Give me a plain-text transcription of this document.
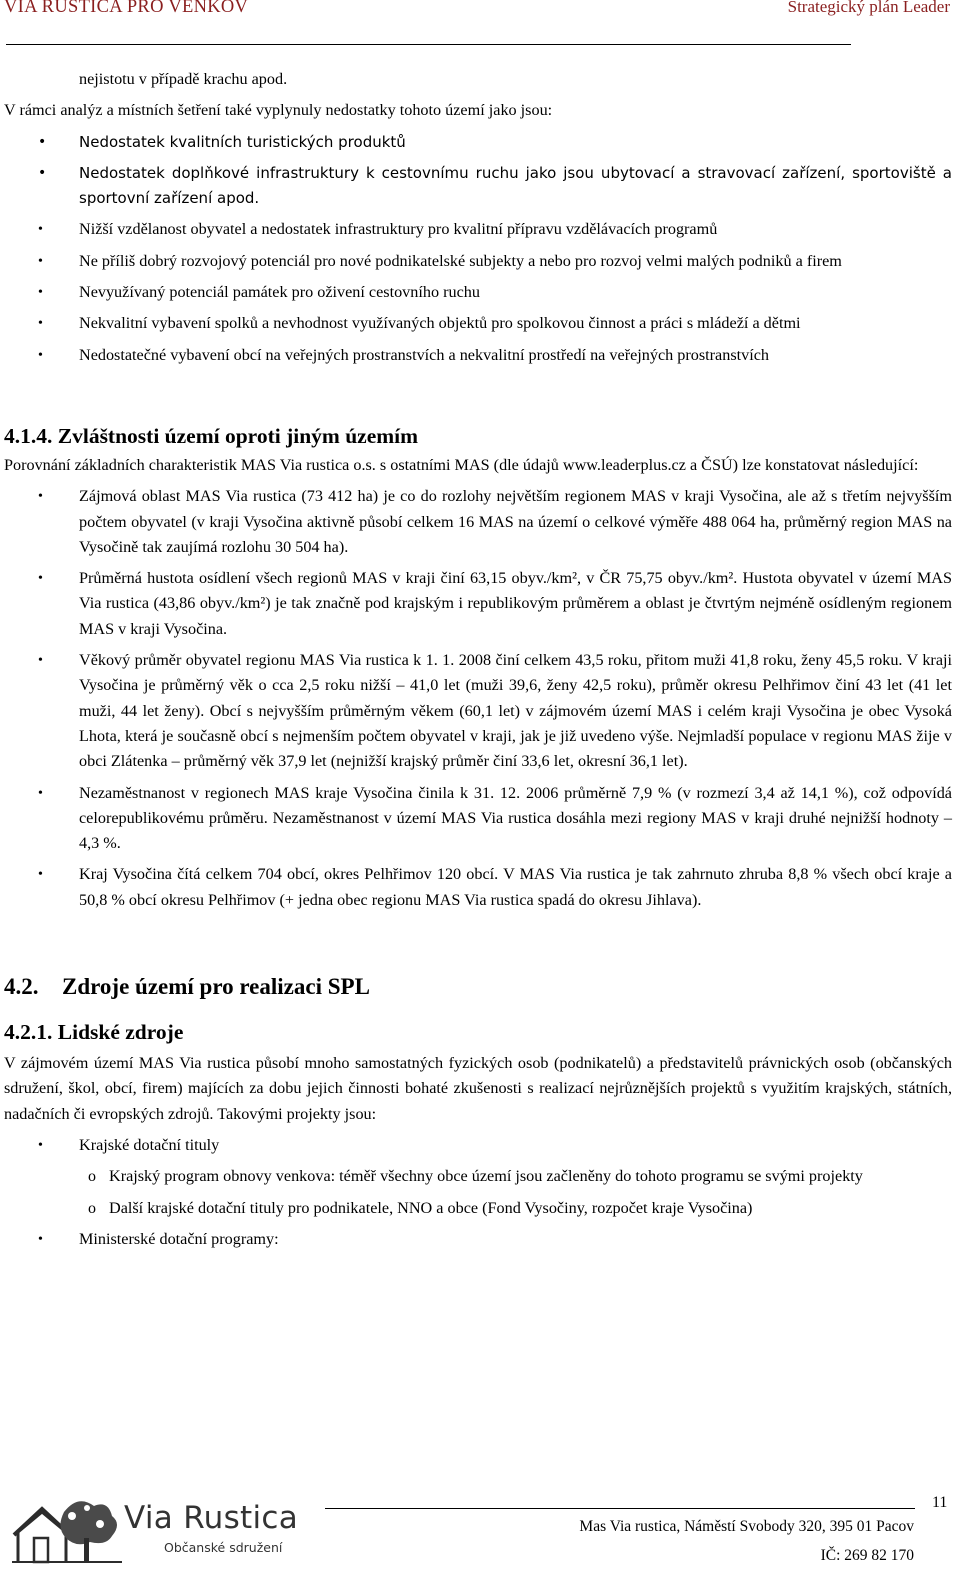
VIA RUSTICA PRO VENKOV	Strategický plán Leader
nejistotu v případě krachu apod.

V rámci analýz a místních šetření také vyplynuly nedostatky tohoto území jako jsou:

• Nedostatek kvalitních turistických produktů
• Nedostatek doplňkové infrastruktury k cestovnímu ruchu jako jsou ubytovací a stravovací zařízení, sportoviště a sportovní zařízení apod.
• Nižší vzdělanost obyvatel a nedostatek infrastruktury pro kvalitní přípravu vzdělávacích programů
• Ne příliš dobrý rozvojový potenciál pro nové podnikatelské subjekty a nebo pro rozvoj velmi malých podniků a firem
• Nevyužívaný potenciál památek pro oživení cestovního ruchu
• Nekvalitní vybavení spolků a nevhodnost využívaných objektů pro spolkovou činnost a práci s mládeží a dětmi
• Nedostatečné vybavení obcí na veřejných prostranstvích a nekvalitní prostředí na veřejných prostranstvích
4.1.4. Zvláštnosti území oproti jiným územím

Porovnání základních charakteristik MAS Via rustica o.s. s ostatními MAS (dle údajů www.leaderplus.cz a ČSÚ) lze konstatovat následující:

• Zájmová oblast MAS Via rustica (73 412 ha) je co do rozlohy největším regionem MAS v kraji Vysočina, ale až s třetím nejvyšším počtem obyvatel (v kraji Vysočina aktivně působí celkem 16 MAS na území o celkové výměře 488 064 ha, průměrný region MAS na Vysočině tak zaujímá rozlohu 30 504 ha).
• Průměrná hustota osídlení všech regionů MAS v kraji činí 63,15 obyv./km², v ČR 75,75 obyv./km². Hustota obyvatel v území MAS Via rustica (43,86 obyv./km²) je tak značně pod krajským i republikovým průměrem a oblast je čtvrtým nejméně osídleným regionem MAS v kraji Vysočina.
• Věkový průměr obyvatel regionu MAS Via rustica k 1. 1. 2008 činí celkem 43,5 roku, přitom muži 41,8 roku, ženy 45,5 roku. V kraji Vysočina je průměrný věk o cca 2,5 roku nižší – 41,0 let (muži 39,6, ženy 42,5 roku), průměr okresu Pelhřimov činí 43 let (41 let muži, 44 let ženy). Obcí s nejvyšším průměrným věkem (60,1 let) v zájmovém území MAS i celém kraji Vysočina je obec Vysoká Lhota, která je současně obcí s nejmenším počtem obyvatel v kraji, jak je již uvedeno výše. Nejmladší populace v regionu MAS žije v obci Zlátenka – průměrný věk 37,9 let (nejnižší krajský průměr činí 33,6 let, okresní 36,1 let).
• Nezaměstnanost v regionech MAS kraje Vysočina činila k 31. 12. 2006 průměrně 7,9 % (v rozmezí 3,4 až 14,1 %), což odpovídá celorepublikovému průměru. Nezaměstnanost v území MAS Via rustica dosáhla mezi regiony MAS v kraji druhé nejnižší hodnoty – 4,3 %.
• Kraj Vysočina čítá celkem 704 obcí, okres Pelhřimov 120 obcí. V MAS Via rustica je tak zahrnuto zhruba 8,8 % všech obcí kraje a 50,8 % obcí okresu Pelhřimov (+ jedna obec regionu MAS Via rustica spadá do okresu Jihlava).
4.2. Zdroje území pro realizaci SPL
4.2.1. Lidské zdroje

V zájmovém území MAS Via rustica působí mnoho samostatných fyzických osob (podnikatelů) a představitelů právnických osob (občanských sdružení, škol, obcí, firem) majících za dobu jejich činnosti bohaté zkušenosti s realizací nejrůznějších projektů s využitím krajských, státních, nadačních či evropských zdrojů. Takovými projekty jsou:

• Krajské dotační tituly
o Krajský program obnovy venkova: téměř všechny obce území jsou začleněny do tohoto programu se svými projekty
o Další krajské dotační tituly pro podnikatele, NNO a obce (Fond Vysočiny, rozpočet kraje Vysočina)
• Ministerské dotační programy:
Via Rustica
Občanské sdružení
11
Mas Via rustica, Náměstí Svobody 320, 395 01 Pacov
IČ: 269 82 170
